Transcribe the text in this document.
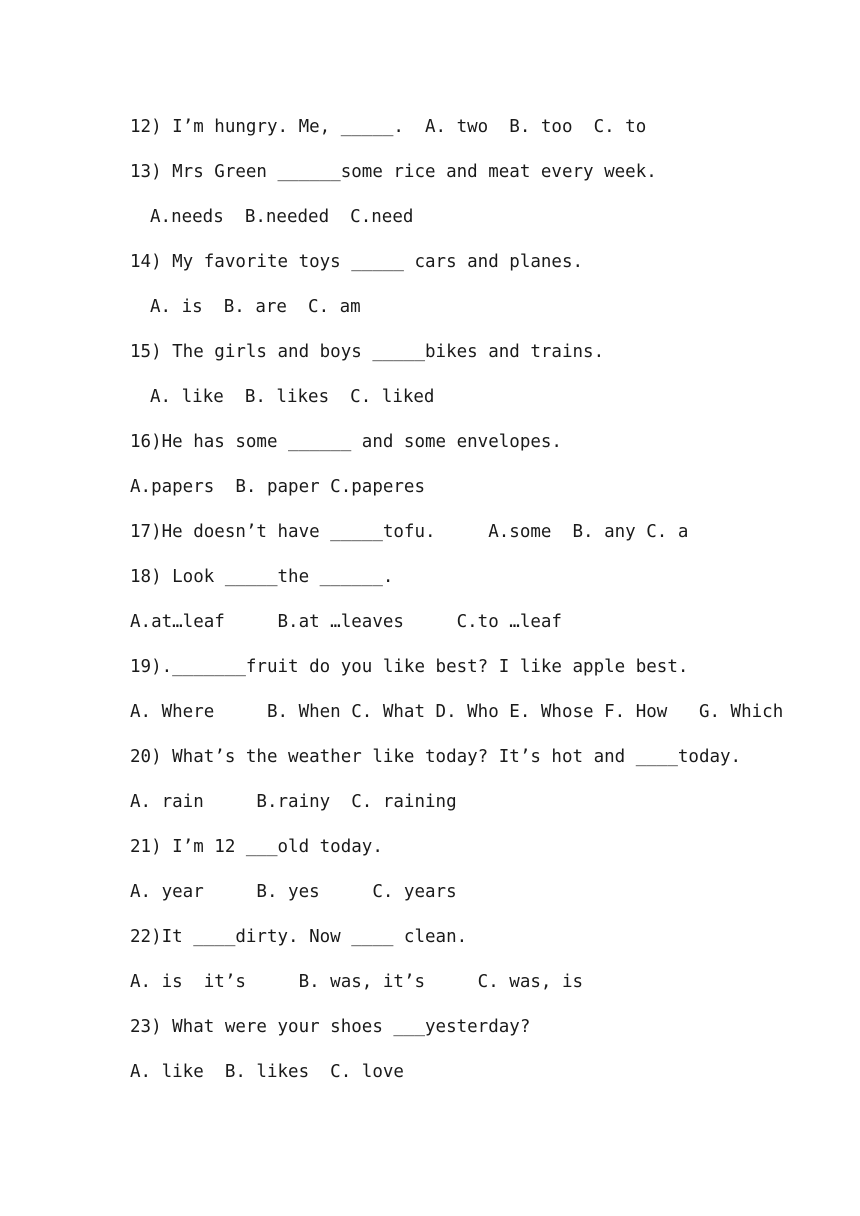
12) I’m hungry. Me, _____.  A. two  B. too  C. to
13) Mrs Green ______some rice and meat every week.
A.needs  B.needed  C.need
14) My favorite toys _____ cars and planes.
A. is  B. are  C. am
15) The girls and boys _____bikes and trains.
A. like  B. likes  C. liked
16)He has some ______ and some envelopes.
A.papers  B. paper C.paperes
17)He doesn’t have _____tofu.     A.some  B. any C. a
18) Look _____the ______.
A.at…leaf     B.at …leaves     C.to …leaf
19)._______fruit do you like best? I like apple best.
A. Where     B. When C. What D. Who E. Whose F. How   G. Which
20) What’s the weather like today? It’s hot and ____today.
A. rain     B.rainy  C. raining
21) I’m 12 ___old today.
A. year     B. yes     C. years
22)It ____dirty. Now ____ clean.
A. is  it’s     B. was, it’s     C. was, is
23) What were your shoes ___yesterday?
A. like  B. likes  C. love
